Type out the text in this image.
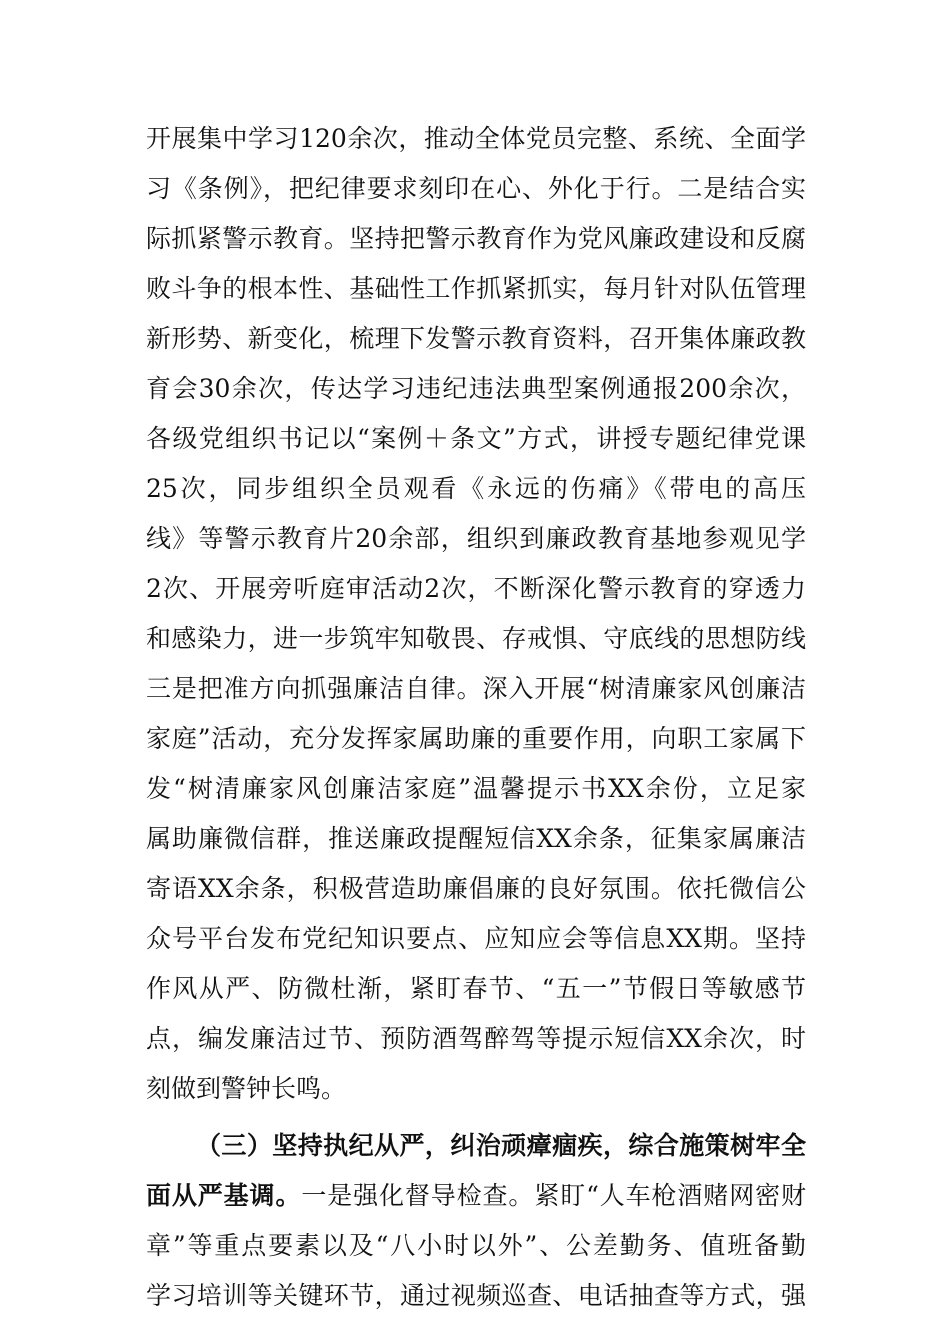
开展集中学习120余次，推动全体党员完整、系统、全面学
习《条例》，把纪律要求刻印在心、外化于行。二是结合实
际抓紧警示教育。坚持把警示教育作为党风廉政建设和反腐
败斗争的根本性、基础性工作抓紧抓实，每月针对队伍管理
新形势、新变化，梳理下发警示教育资料，召开集体廉政教
育会30余次，传达学习违纪违法典型案例通报200余次，
各级党组织书记以“案例＋条文”方式，讲授专题纪律党课
25次，同步组织全员观看《永远的伤痛》《带电的高压
线》等警示教育片20余部，组织到廉政教育基地参观见学
2次、开展旁听庭审活动2次，不断深化警示教育的穿透力
和感染力，进一步筑牢知敬畏、存戒惧、守底线的思想防线
三是把准方向抓强廉洁自律。深入开展“树清廉家风创廉洁
家庭”活动，充分发挥家属助廉的重要作用，向职工家属下
发“树清廉家风创廉洁家庭”温馨提示书XX余份，立足家
属助廉微信群，推送廉政提醒短信XX余条，征集家属廉洁
寄语XX余条，积极营造助廉倡廉的良好氛围。依托微信公
众号平台发布党纪知识要点、应知应会等信息XX期。坚持
作风从严、防微杜渐，紧盯春节、“五一”节假日等敏感节
点，编发廉洁过节、预防酒驾醉驾等提示短信XX余次，时
刻做到警钟长鸣。
（三）坚持执纪从严，纠治顽瘴痼疾，综合施策树牢全
面从严基调。一是强化督导检查。紧盯“人车枪酒赌网密财
章”等重点要素以及“八小时以外”、公差勤务、值班备勤
学习培训等关键环节，通过视频巡查、电话抽查等方式，强
